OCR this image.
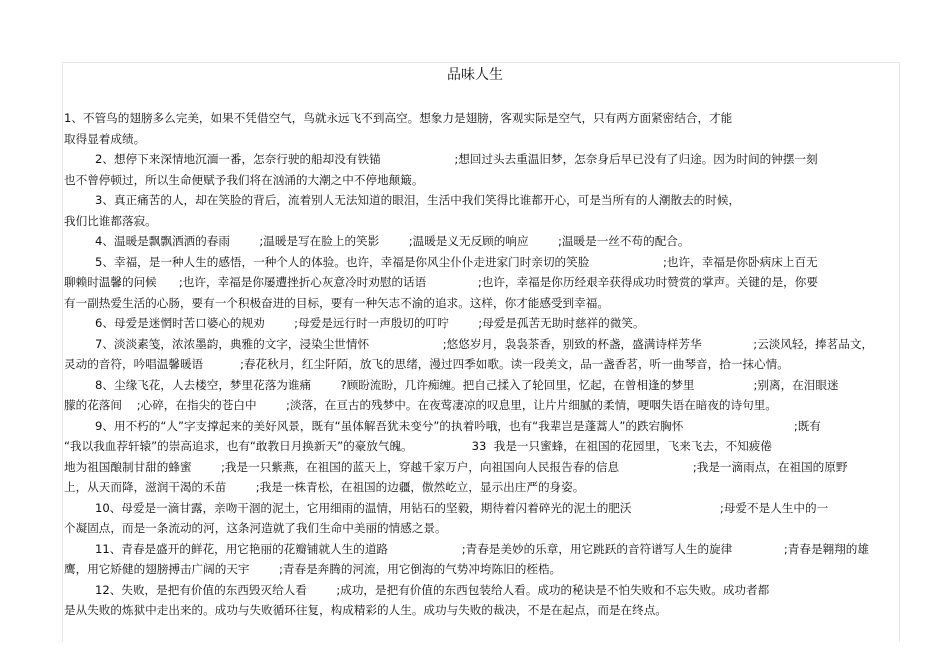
品味人生
1、不管鸟的翅膀多么完美，如果不凭借空气，鸟就永远飞不到高空。想象力是翅膀，客观实际是空气，只有两方面紧密结合，才能
取得显着成绩。
2、想停下来深情地沉湎一番，怎奈行驶的船却没有铁锚                    ;想回过头去重温旧梦，怎奈身后早已没有了归途。因为时间的钟摆一刻
也不曾停顿过，所以生命便赋予我们将在汹涌的大潮之中不停地颠簸。
3、真正痛苦的人，却在笑脸的背后，流着别人无法知道的眼泪，生活中我们笑得比谁都开心，可是当所有的人潮散去的时候，
我们比谁都落寂。
4、温暖是飘飘洒洒的春雨        ;温暖是写在脸上的笑影        ;温暖是义无反顾的响应        ;温暖是一丝不苟的配合。
5、幸福，是一种人生的感悟，一种个人的体验。也许，幸福是你风尘仆仆走进家门时亲切的笑脸                    ;也许，幸福是你卧病床上百无
聊赖时温馨的问候      ;也许，幸福是你屡遭挫折心灰意冷时劝慰的话语              ;也许，幸福是你历经艰辛获得成功时赞赏的掌声。关键的是，你要
有一副热爱生活的心肠，要有一个积极奋进的目标，要有一种矢志不渝的追求。这样，你才能感受到幸福。
6、母爱是迷惘时苦口婆心的规劝        ;母爱是远行时一声殷切的叮咛        ;母爱是孤苦无助时慈祥的微笑。
7、淡淡素笺，浓浓墨韵，典雅的文字，浸染尘世情怀                    ;悠悠岁月，袅袅茶香，别致的杯盏，盛满诗样芳华              ;云淡风轻，捧茗品文，
灵动的音符，吟唱温馨暖语          ;春花秋月，红尘阡陌，放飞的思绪，漫过四季如歌。读一段美文，品一盏香茗，听一曲琴音，拾一抹心情。
8、尘缘飞花，人去楼空，梦里花落为谁痛        ?顾盼流盼，几许痴缠。把自己揉入了轮回里，忆起，在曾相逢的梦里                ;别离，在泪眼迷
朦的花落间    ;心碎，在指尖的苍白中        ;淡落，在亘古的残梦中。在夜莺凄凉的叹息里，让片片细腻的柔情，哽咽失语在暗夜的诗句里。
9、用不朽的“人”字支撑起来的美好风景，既有“虽体解吾犹未变兮”的执着吟哦，也有“我辈岂是蓬蒿人”的跌宕胸怀                              ;既有
“我以我血荐轩辕”的崇高追求，也有“敢教日月换新天”的豪放气魄。                33  我是一只蜜蜂，在祖国的花园里，飞来飞去，不知疲倦
地为祖国酿制甘甜的蜂蜜        ;我是一只紫燕，在祖国的蓝天上，穿越千家万户，向祖国向人民报告春的信息                    ;我是一滴雨点，在祖国的原野
上，从天而降，滋润干渴的禾苗        ;我是一株青松，在祖国的边疆，傲然屹立，显示出庄严的身姿。
10、母爱是一滴甘露，亲吻干涸的泥土，它用细雨的温情，用钻石的坚毅，期待着闪着碎光的泥土的肥沃                        ;母爱不是人生中的一
个凝固点，而是一条流动的河，这条河造就了我们生命中美丽的情感之景。
11、青春是盛开的鲜花，用它艳丽的花瓣铺就人生的道路                    ;青春是美妙的乐章，用它跳跃的音符谱写人生的旋律              ;青春是翱翔的雄
鹰，用它矫健的翅膀搏击广阔的天宇        ;青春是奔腾的河流，用它倒海的气势冲垮陈旧的桎梏。
12、失败，是把有价值的东西毁灭给人看        ;成功，是把有价值的东西包装给人看。成功的秘诀是不怕失败和不忘失败。成功者都
是从失败的炼狱中走出来的。成功与失败循环往复，构成精彩的人生。成功与失败的裁决，不是在起点，而是在终点。
